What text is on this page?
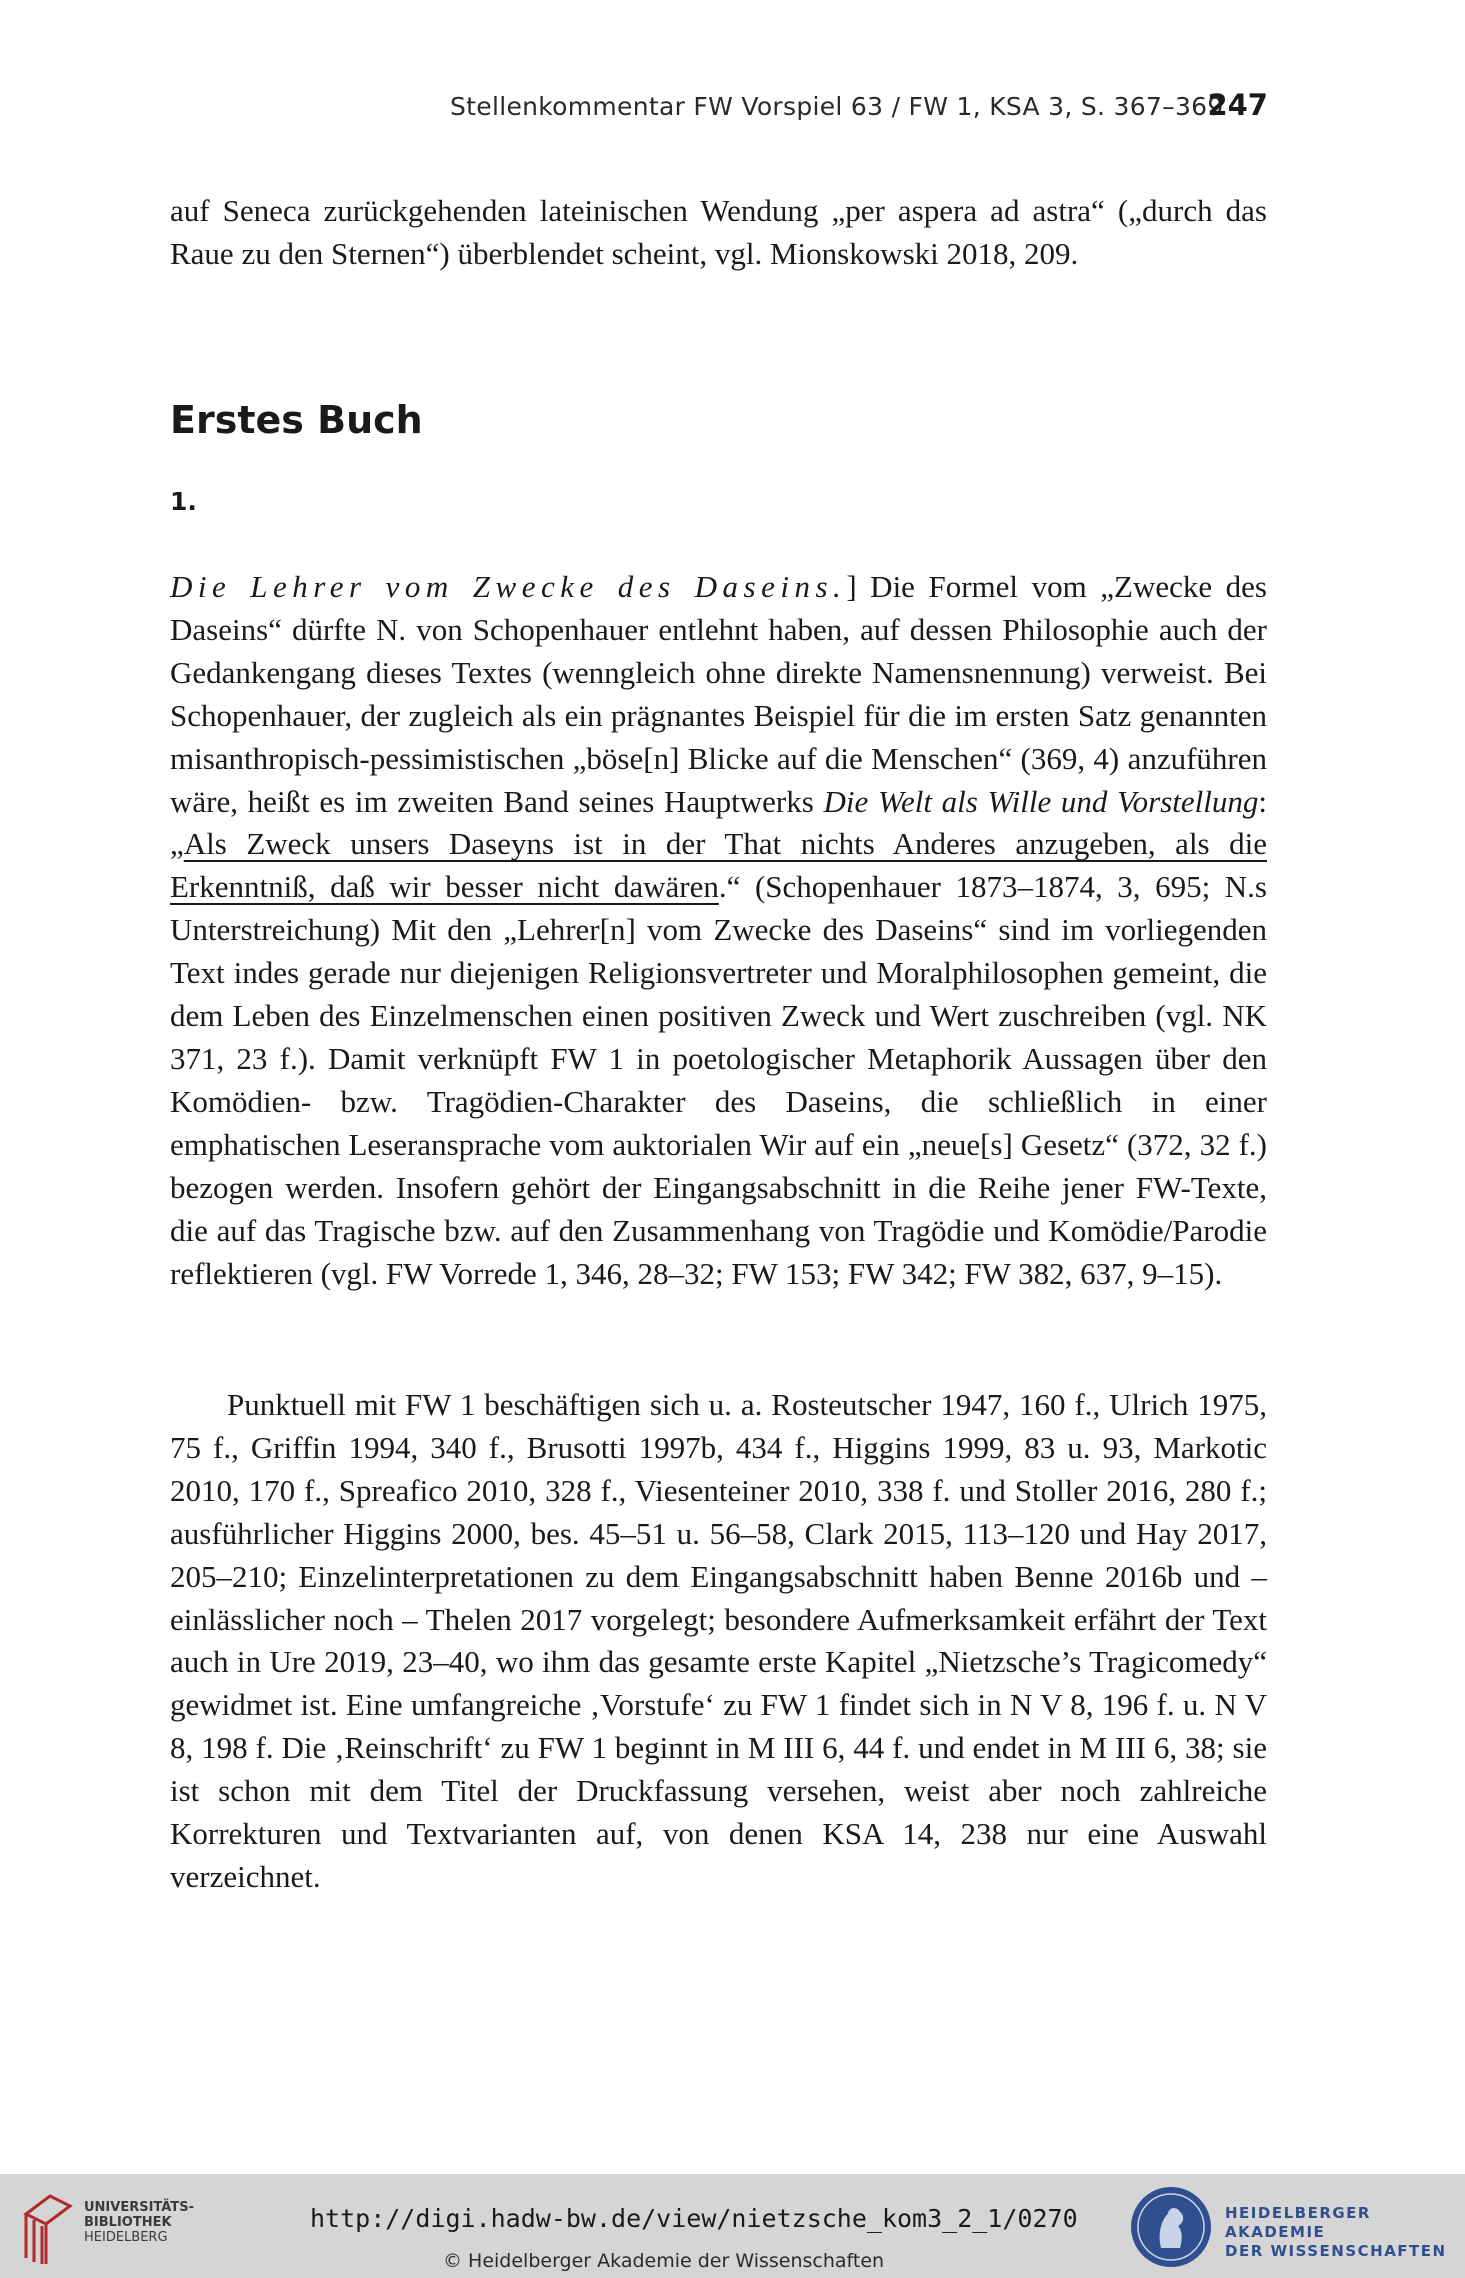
Stellenkommentar FW Vorspiel 63 / FW 1, KSA 3, S. 367–369
247

auf Seneca zurückgehenden lateinischen Wendung „per aspera ad astra“ („durch das Raue zu den Sternen“) überblendet scheint, vgl. Mionskowski 2018, 209.

Erstes Buch
1.

Die Lehrer vom Zwecke des Daseins.] Die Formel vom „Zwecke des Daseins“ dürfte N. von Schopenhauer entlehnt haben, auf dessen Philosophie auch der Gedankengang dieses Textes (wenngleich ohne direkte Namensnennung) verweist. Bei Schopenhauer, der zugleich als ein prägnantes Beispiel für die im ersten Satz genannten misanthropisch-pessimistischen „böse[n] Blicke auf die Menschen“ (369, 4) anzuführen wäre, heißt es im zweiten Band seines Hauptwerks Die Welt als Wille und Vorstellung: „Als Zweck unsers Daseyns ist in der That nichts Anderes anzugeben, als die Erkenntniß, daß wir besser nicht dawären.“ (Schopenhauer 1873–1874, 3, 695; N.s Unterstreichung) Mit den „Lehrer[n] vom Zwecke des Daseins“ sind im vorliegenden Text indes gerade nur diejenigen Religionsvertreter und Moralphilosophen gemeint, die dem Leben des Einzelmenschen einen positiven Zweck und Wert zuschreiben (vgl. NK 371, 23 f.). Damit verknüpft FW 1 in poetologischer Metaphorik Aussagen über den Komödien- bzw. Tragödien-Charakter des Daseins, die schließlich in einer emphatischen Leseransprache vom auktorialen Wir auf ein „neue[s] Gesetz“ (372, 32 f.) bezogen werden. Insofern gehört der Eingangsabschnitt in die Reihe jener FW-Texte, die auf das Tragische bzw. auf den Zusammenhang von Tragödie und Komödie/Parodie reflektieren (vgl. FW Vorrede 1, 346, 28–32; FW 153; FW 342; FW 382, 637, 9–15).

Punktuell mit FW 1 beschäftigen sich u. a. Rosteutscher 1947, 160 f., Ulrich 1975, 75 f., Griffin 1994, 340 f., Brusotti 1997b, 434 f., Higgins 1999, 83 u. 93, Markotic 2010, 170 f., Spreafico 2010, 328 f., Viesenteiner 2010, 338 f. und Stoller 2016, 280 f.; ausführlicher Higgins 2000, bes. 45–51 u. 56–58, Clark 2015, 113–120 und Hay 2017, 205–210; Einzelinterpretationen zu dem Eingangsabschnitt haben Benne 2016b und – einlässlicher noch – Thelen 2017 vorgelegt; besondere Aufmerksamkeit erfährt der Text auch in Ure 2019, 23–40, wo ihm das gesamte erste Kapitel „Nietzsche’s Tragicomedy“ gewidmet ist. Eine umfangreiche ‚Vorstufe‘ zu FW 1 findet sich in N V 8, 196 f. u. N V 8, 198 f. Die ‚Reinschrift‘ zu FW 1 beginnt in M III 6, 44 f. und endet in M III 6, 38; sie ist schon mit dem Titel der Druckfassung versehen, weist aber noch zahlreiche Korrekturen und Textvarianten auf, von denen KSA 14, 238 nur eine Auswahl verzeichnet.

UNIVERSITÄTS-
BIBLIOTHEK
HEIDELBERG
http://digi.hadw-bw.de/view/nietzsche_kom3_2_1/0270
© Heidelberger Akademie der Wissenschaften
HEIDELBERGER AKADEMIE
DER WISSENSCHAFTEN
